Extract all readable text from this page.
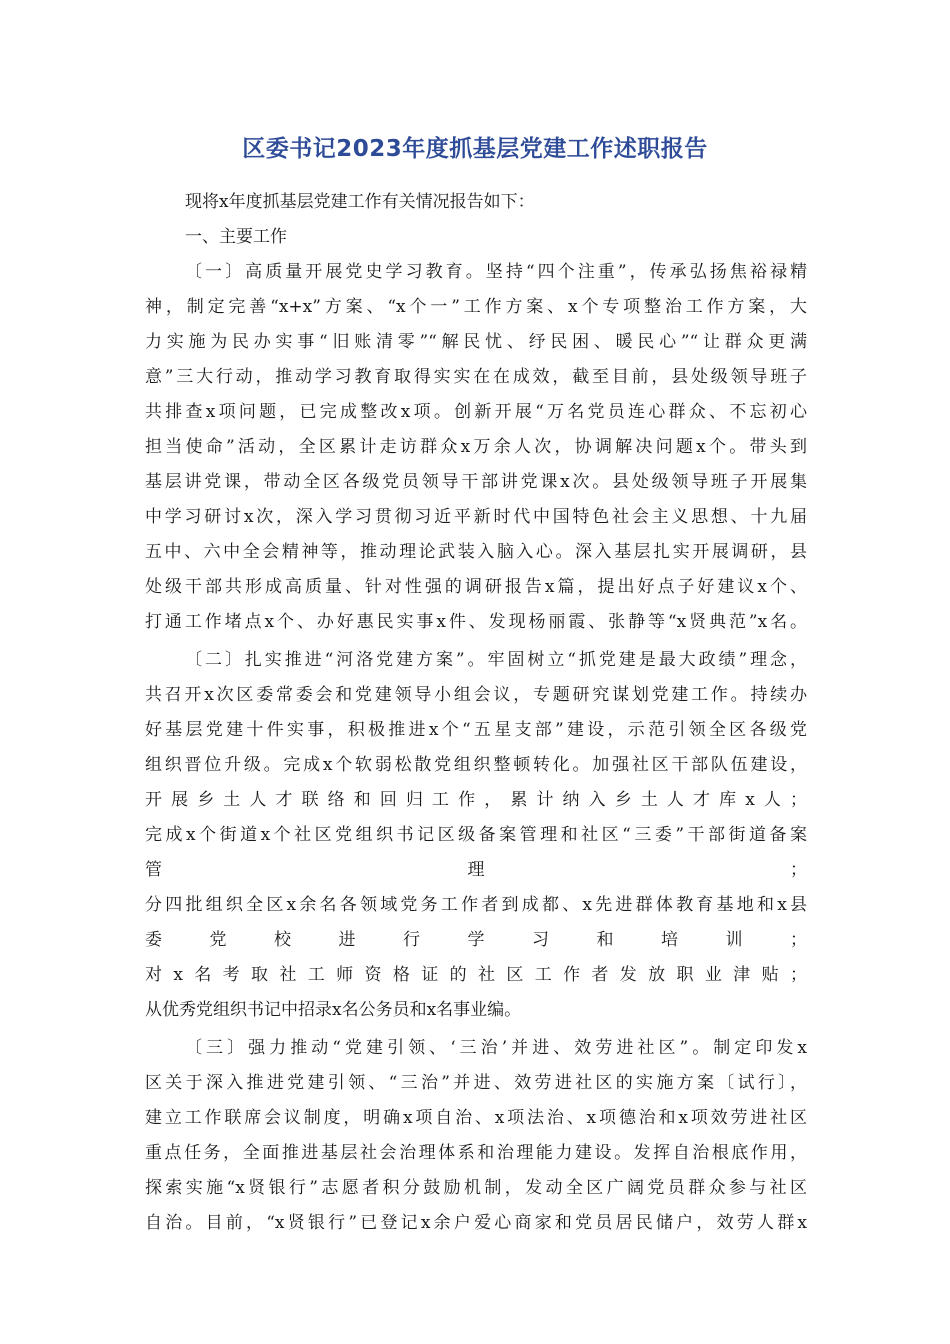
区委书记2023年度抓基层党建工作述职报告

现将x年度抓基层党建工作有关情况报告如下：

一、主要工作

〔一〕高质量开展党史学习教育。坚持“四个注重”，传承弘扬焦裕禄精

神，制定完善“x+x”方案、“x个一”工作方案、x个专项整治工作方案，大

力实施为民办实事“旧账清零”“解民忧、纾民困、暖民心”“让群众更满

意”三大行动，推动学习教育取得实实在在成效，截至目前，县处级领导班子

共排查x项问题，已完成整改x项。创新开展“万名党员连心群众、不忘初心

担当使命”活动，全区累计走访群众x万余人次，协调解决问题x个。带头到

基层讲党课，带动全区各级党员领导干部讲党课x次。县处级领导班子开展集

中学习研讨x次，深入学习贯彻习近平新时代中国特色社会主义思想、十九届

五中、六中全会精神等，推动理论武装入脑入心。深入基层扎实开展调研，县

处级干部共形成高质量、针对性强的调研报告x篇，提出好点子好建议x个、

打通工作堵点x个、办好惠民实事x件、发现杨丽霞、张静等“x贤典范”x名。

〔二〕扎实推进“河洛党建方案”。牢固树立“抓党建是最大政绩”理念，

共召开x次区委常委会和党建领导小组会议，专题研究谋划党建工作。持续办

好基层党建十件实事，积极推进x个“五星支部”建设，示范引领全区各级党

组织晋位升级。完成x个软弱松散党组织整顿转化。加强社区干部队伍建设，

开展乡土人才联络和回归工作，累计纳入乡土人才库x人；

完成x个街道x个社区党组织书记区级备案管理和社区“三委”干部街道备案

管理；

分四批组织全区x余名各领域党务工作者到成都、x先进群体教育基地和x县

委党校进行学习和培训；

对x名考取社工师资格证的社区工作者发放职业津贴；

从优秀党组织书记中招录x名公务员和x名事业编。

〔三〕强力推动“党建引领、‘三治’并进、效劳进社区”。制定印发x

区关于深入推进党建引领、“三治”并进、效劳进社区的实施方案〔试行〕，

建立工作联席会议制度，明确x项自治、x项法治、x项德治和x项效劳进社区

重点任务，全面推进基层社会治理体系和治理能力建设。发挥自治根底作用，

探索实施“x贤银行”志愿者积分鼓励机制，发动全区广阔党员群众参与社区

自治。目前，“x贤银行”已登记x余户爱心商家和党员居民储户，效劳人群x
